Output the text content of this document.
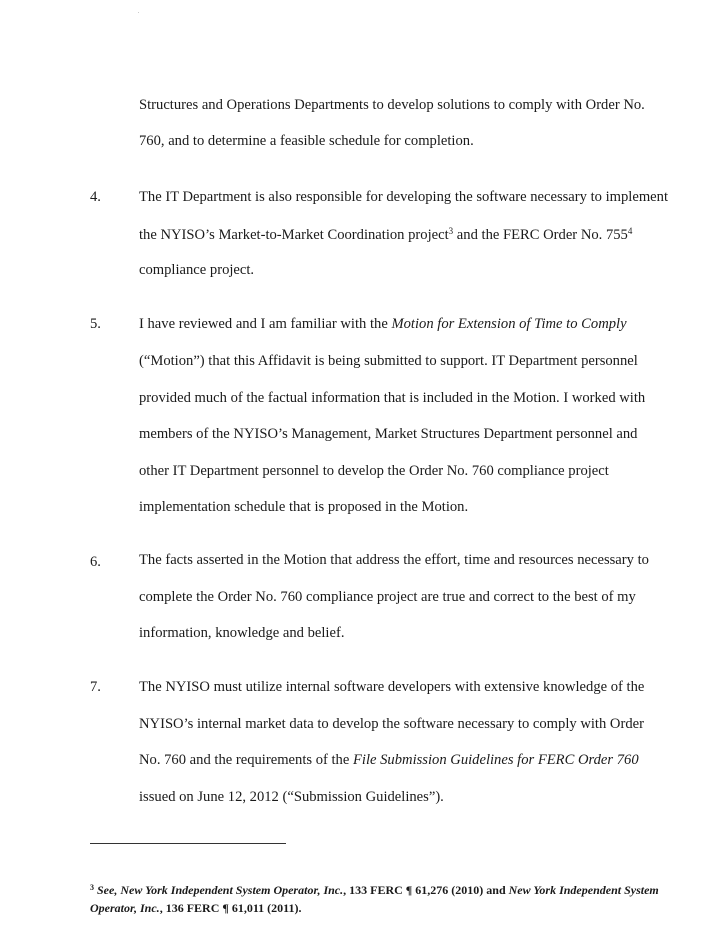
Structures and Operations Departments to develop solutions to comply with Order No.
760, and to determine a feasible schedule for completion.
4.	The IT Department is also responsible for developing the software necessary to implement
the NYISO’s Market-to-Market Coordination project$^3$ and the FERC Order No. $755^4$
compliance project.
5.	I have reviewed and I am familiar with the Motion for Extension of Time to Comply
(“Motion”) that this Affidavit is being submitted to support. IT Department personnel
provided much of the factual information that is included in the Motion. I worked with
members of the NYISO’s Management, Market Structures Department personnel and
other IT Department personnel to develop the Order No. 760 compliance project
implementation schedule that is proposed in the Motion.
6.	The facts asserted in the Motion that address the effort, time and resources necessary to
complete the Order No. 760 compliance project are true and correct to the best of my
information, knowledge and belief.
7.	The NYISO must utilize internal software developers with extensive knowledge of the
NYISO’s internal market data to develop the software necessary to comply with Order
No. 760 and the requirements of the File Submission Guidelines for FERC Order 760
issued on June 12, 2012 (“Submission Guidelines”).
$^3$ See, New York Independent System Operator, Inc., 133 FERC ¶ 61,276 (2010) and New York Independent System
Operator, Inc., 136 FERC ¶ 61,011 (2011).
